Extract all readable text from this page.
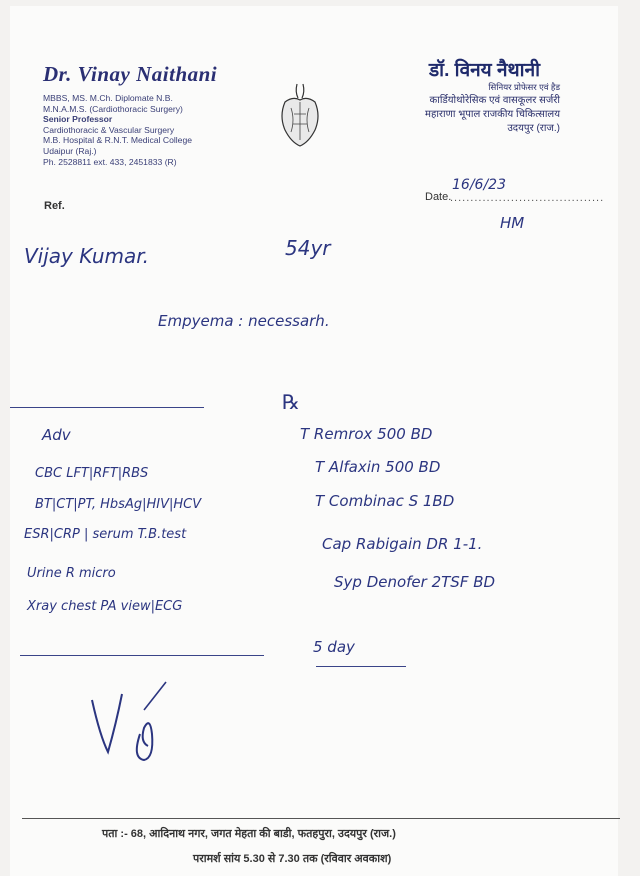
Dr. Vinay Naithani
MBBS, MS. M.Ch. Diplomate N.B.
M.N.A.M.S. (Cardiothoracic Surgery)
Senior Professor
Cardiothoracic & Vascular Surgery
M.B. Hospital & R.N.T. Medical College
Udaipur (Raj.)
Ph. 2528811 ext. 433, 2451833 (R)
डॉ. विनय नैथानी
सिनियर प्रोफेसर एवं हैड
कार्डियोथोरेसिक एवं वासकूलर सर्जरी
महाराणा भूपाल राजकीय चिकित्सालय
उदयपुर (राज.)
Ref.
Date.
......................................
16/6/23
HM
Vijay Kumar.	54yr
Empyema : necessarh.
℞
Adv
CBC LFT|RFT|RBS
BT|CT|PT, HbsAg|HIV|HCV
ESR|CRP | serum T.B.test
Urine R micro
Xray chest PA view|ECG
T Remrox 500 BD
T Alfaxin 500 BD
T Combinac S 1BD
Cap Rabigain DR 1-1.
Syp Denofer 2TSF BD
5 day
पता :- 68, आदिनाथ नगर, जगत मेहता की बाडी, फतहपुरा, उदयपुर (राज.)
परामर्श सांय 5.30 से 7.30 तक (रविवार अवकाश)
